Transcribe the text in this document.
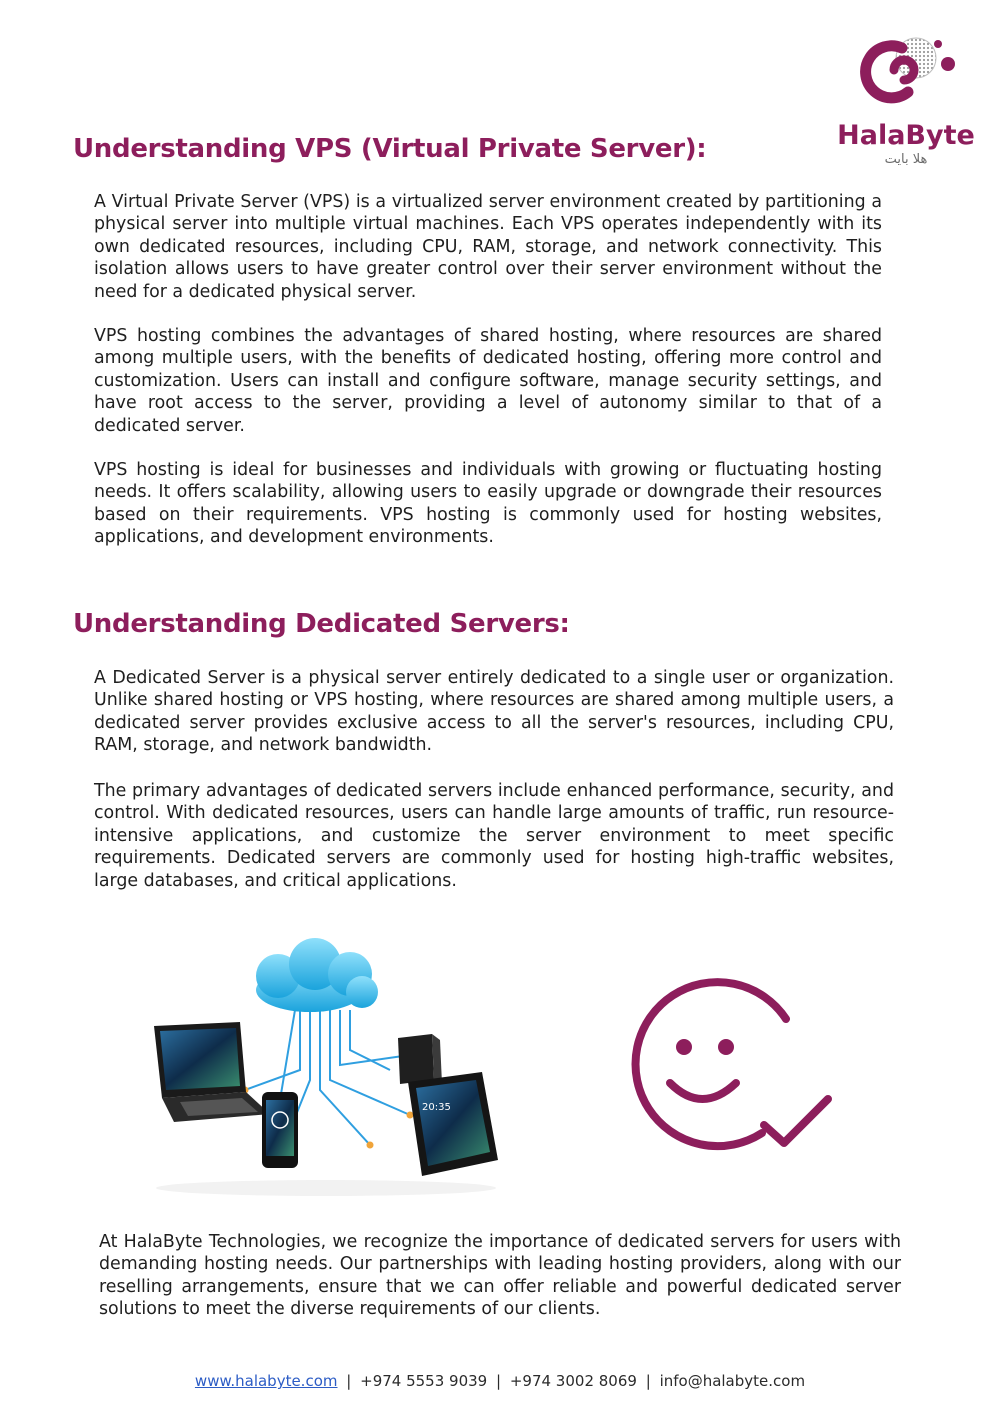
HalaByte
هلا بايت
Understanding VPS (Virtual Private Server):

A Virtual Private Server (VPS) is a virtualized server environment created by partitioning a physical server into multiple virtual machines. Each VPS operates independently with its own dedicated resources, including CPU, RAM, storage, and network connectivity. This isolation allows users to have greater control over their server environment without the need for a dedicated physical server.

VPS hosting combines the advantages of shared hosting, where resources are shared among multiple users, with the benefits of dedicated hosting, offering more control and customization. Users can install and configure software, manage security settings, and have root access to the server, providing a level of autonomy similar to that of a dedicated server.

VPS hosting is ideal for businesses and individuals with growing or fluctuating hosting needs. It offers scalability, allowing users to easily upgrade or downgrade their resources based on their requirements. VPS hosting is commonly used for hosting websites, applications, and development environments.

Understanding Dedicated Servers:

A Dedicated Server is a physical server entirely dedicated to a single user or organization. Unlike shared hosting or VPS hosting, where resources are shared among multiple users, a dedicated server provides exclusive access to all the server's resources, including CPU, RAM, storage, and network bandwidth.

The primary advantages of dedicated servers include enhanced performance, security, and control. With dedicated resources, users can handle large amounts of traffic, run resource-intensive applications, and customize the server environment to meet specific requirements. Dedicated servers are commonly used for hosting high-traffic websites, large databases, and critical applications.

20:35

At HalaByte Technologies, we recognize the importance of dedicated servers for users with demanding hosting needs. Our partnerships with leading hosting providers, along with our reselling arrangements, ensure that we can offer reliable and powerful dedicated server solutions to meet the diverse requirements of our clients.

www.halabyte.com | +974 5553 9039 | +974 3002 8069 | info@halabyte.com
